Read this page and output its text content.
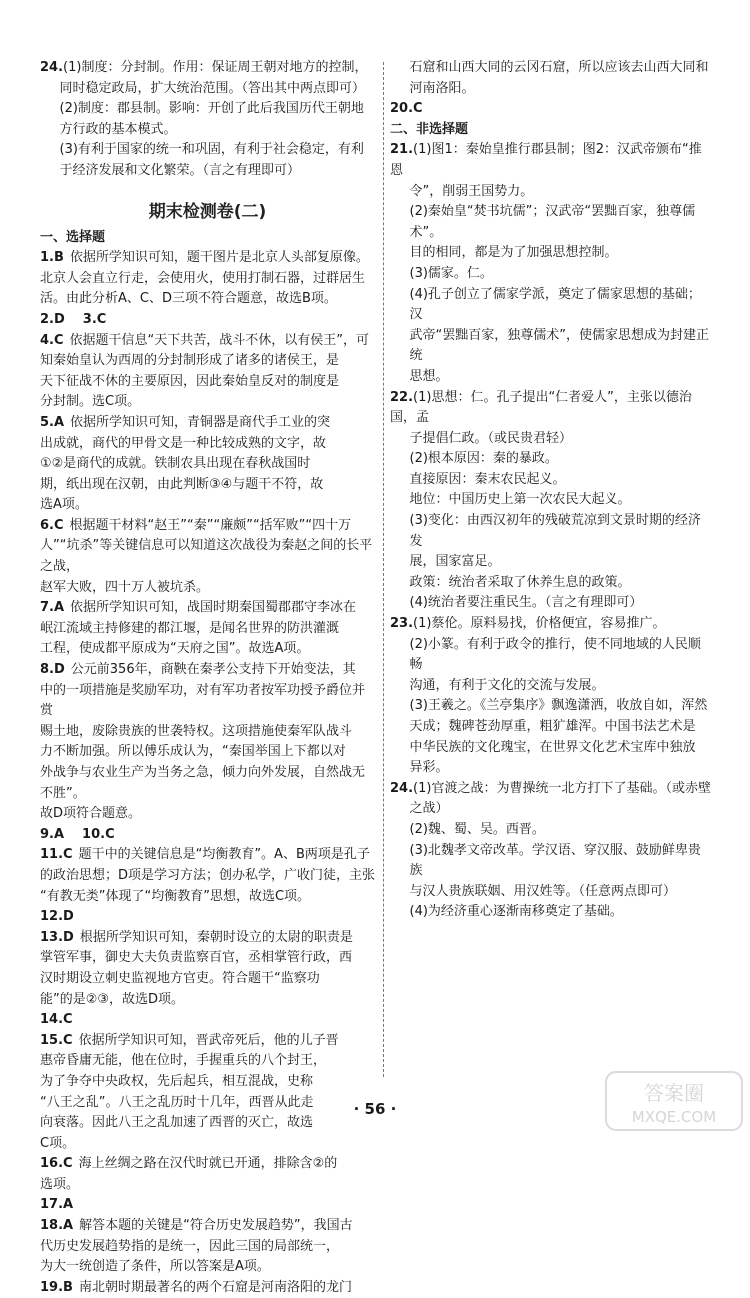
24.(1)制度：分封制。作用：保证周王朝对地方的控制，

同时稳定政局，扩大统治范围。（答出其中两点即可）

(2)制度：郡县制。影响：开创了此后我国历代王朝地

方行政的基本模式。

(3)有利于国家的统一和巩固，有利于社会稳定，有利

于经济发展和文化繁荣。（言之有理即可）

期末检测卷(二)

一、选择题

1.B 依据所学知识可知，题干图片是北京人头部复原像。

北京人会直立行走，会使用火，使用打制石器，过群居生

活。由此分析A、C、D三项不符合题意，故选B项。

2.D 3.C

4.C 依据题干信息“天下共苦，战斗不休，以有侯王”，可

知秦始皇认为西周的分封制形成了诸多的诸侯王，是

天下征战不休的主要原因，因此秦始皇反对的制度是

分封制。选C项。

5.A 依据所学知识可知，青铜器是商代手工业的突

出成就，商代的甲骨文是一种比较成熟的文字，故

①②是商代的成就。铁制农具出现在春秋战国时

期，纸出现在汉朝，由此判断③④与题干不符，故

选A项。

6.C 根据题干材料“赵王”“秦”“廉颇”“括军败”“四十万

人”“坑杀”等关键信息可以知道这次战役为秦赵之间的长平之战，

赵军大败，四十万人被坑杀。

7.A 依据所学知识可知，战国时期秦国蜀郡郡守李冰在

岷江流域主持修建的都江堰，是闻名世界的防洪灌溉

工程，使成都平原成为“天府之国”。故选A项。

8.D 公元前356年，商鞅在秦孝公支持下开始变法，其

中的一项措施是奖励军功，对有军功者按军功授予爵位并赏

赐土地，废除贵族的世袭特权。这项措施使秦军队战斗

力不断加强。所以傅乐成认为，“秦国举国上下都以对

外战争与农业生产为当务之急，倾力向外发展，自然战无不胜”。

故D项符合题意。

9.A 10.C

11.C 题干中的关键信息是“均衡教育”。A、B两项是孔子

的政治思想；D项是学习方法；创办私学，广收门徒，主张

“有教无类”体现了“均衡教育”思想，故选C项。

12.D

13.D 根据所学知识可知，秦朝时设立的太尉的职责是

掌管军事，御史大夫负责监察百官，丞相掌管行政，西

汉时期设立刺史监视地方官吏。符合题干“监察功

能”的是②③，故选D项。

14.C

15.C 依据所学知识可知，晋武帝死后，他的儿子晋

惠帝昏庸无能，他在位时，手握重兵的八个封王，

为了争夺中央政权，先后起兵，相互混战，史称

“八王之乱”。八王之乱历时十几年，西晋从此走

向衰落。因此八王之乱加速了西晋的灭亡，故选

C项。

16.C 海上丝绸之路在汉代时就已开通，排除含②的

选项。

17.A

18.A 解答本题的关键是“符合历史发展趋势”，我国古

代历史发展趋势指的是统一，因此三国的局部统一，

为大一统创造了条件，所以答案是A项。

19.B 南北朝时期最著名的两个石窟是河南洛阳的龙门

石窟和山西大同的云冈石窟，所以应该去山西大同和

河南洛阳。

20.C

二、非选择题

21.(1)图1：秦始皇推行郡县制；图2：汉武帝颁布“推恩

令”，削弱王国势力。

(2)秦始皇“焚书坑儒”；汉武帝“罢黜百家，独尊儒术”。

目的相同，都是为了加强思想控制。

(3)儒家。仁。

(4)孔子创立了儒家学派，奠定了儒家思想的基础；汉

武帝“罢黜百家，独尊儒术”，使儒家思想成为封建正统

思想。

22.(1)思想：仁。孔子提出“仁者爱人”，主张以德治国，孟

子提倡仁政。（或民贵君轻）

(2)根本原因：秦的暴政。

直接原因：秦末农民起义。

地位：中国历史上第一次农民大起义。

(3)变化：由西汉初年的残破荒凉到文景时期的经济发

展，国家富足。

政策：统治者采取了休养生息的政策。

(4)统治者要注重民生。（言之有理即可）

23.(1)蔡伦。原料易找，价格便宜，容易推广。

(2)小篆。有利于政令的推行，使不同地域的人民顺畅

沟通，有利于文化的交流与发展。

(3)王羲之。《兰亭集序》飘逸潇洒，收放自如，浑然

天成；魏碑苍劲厚重，粗犷雄浑。中国书法艺术是

中华民族的文化瑰宝，在世界文化艺术宝库中独放

异彩。

24.(1)官渡之战：为曹操统一北方打下了基础。（或赤壁

之战）

(2)魏、蜀、吴。西晋。

(3)北魏孝文帝改革。学汉语、穿汉服、鼓励鲜卑贵族

与汉人贵族联姻、用汉姓等。（任意两点即可）

(4)为经济重心逐渐南移奠定了基础。

· 56 ·
答案圈
MXQE.COM
